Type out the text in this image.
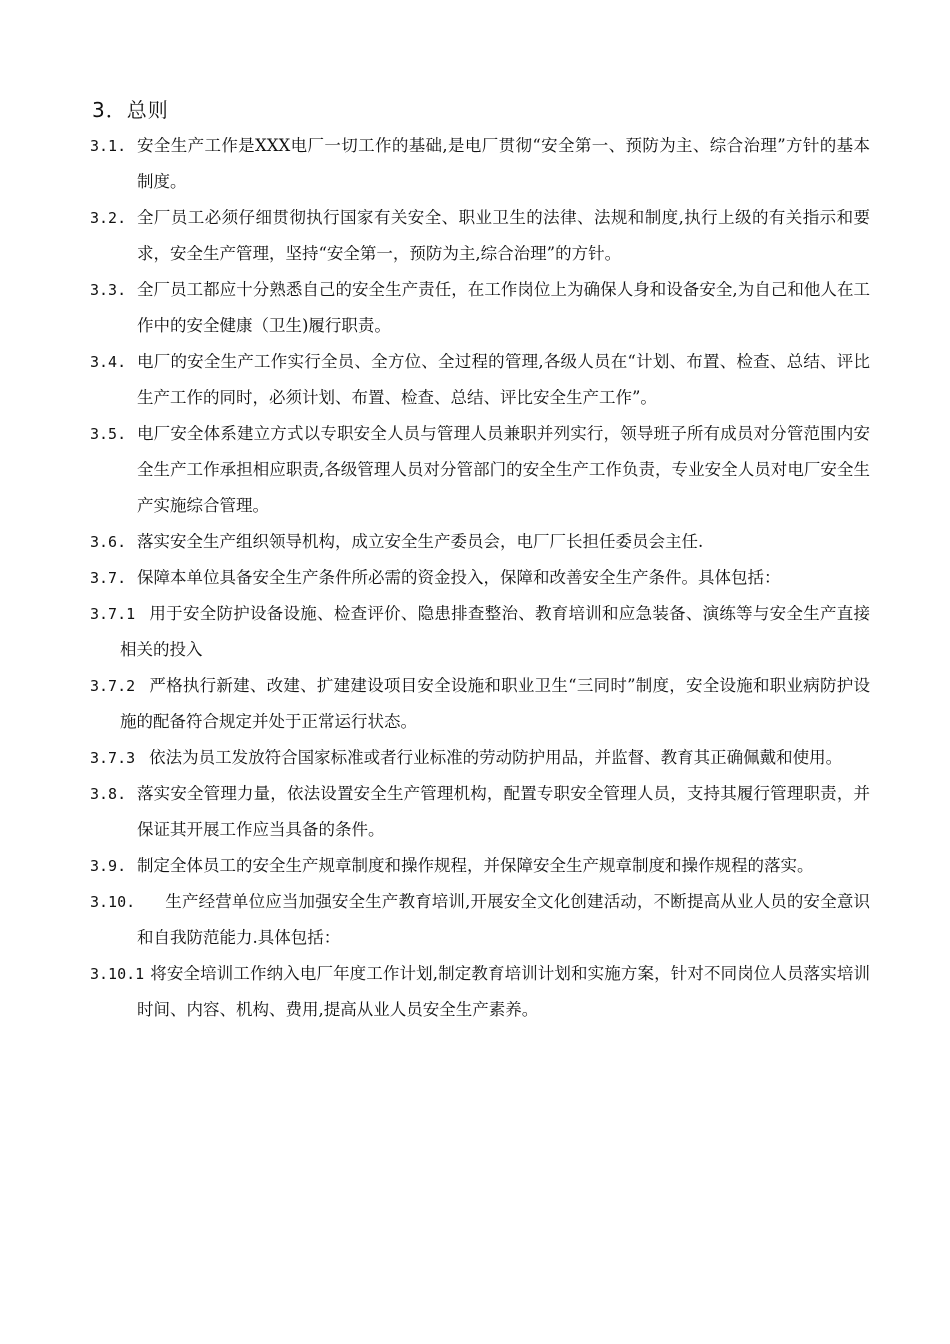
3．总则
3.1. 安全生产工作是XXX电厂一切工作的基础,是电厂贯彻“安全第一、预防为主、综合治理”方针的基本制度。
3.2. 全厂员工必须仔细贯彻执行国家有关安全、职业卫生的法律、法规和制度,执行上级的有关指示和要求，安全生产管理，坚持“安全第一，预防为主,综合治理”的方针。
3.3. 全厂员工都应十分熟悉自己的安全生产责任，在工作岗位上为确保人身和设备安全,为自己和他人在工作中的安全健康（卫生)履行职责。
3.4. 电厂的安全生产工作实行全员、全方位、全过程的管理,各级人员在“计划、布置、检查、总结、评比生产工作的同时，必须计划、布置、检查、总结、评比安全生产工作”。
3.5. 电厂安全体系建立方式以专职安全人员与管理人员兼职并列实行，领导班子所有成员对分管范围内安全生产工作承担相应职责,各级管理人员对分管部门的安全生产工作负责，专业安全人员对电厂安全生产实施综合管理。
3.6. 落实安全生产组织领导机构，成立安全生产委员会，电厂厂长担任委员会主任.
3.7. 保障本单位具备安全生产条件所必需的资金投入，保障和改善安全生产条件。具体包括：
3.7.1 用于安全防护设备设施、检查评价、隐患排查整治、教育培训和应急装备、演练等与安全生产直接相关的投入
3.7.2 严格执行新建、改建、扩建建设项目安全设施和职业卫生“三同时”制度，安全设施和职业病防护设施的配备符合规定并处于正常运行状态。
3.7.3 依法为员工发放符合国家标准或者行业标准的劳动防护用品，并监督、教育其正确佩戴和使用。
3.8. 落实安全管理力量，依法设置安全生产管理机构，配置专职安全管理人员，支持其履行管理职责，并保证其开展工作应当具备的条件。
3.9. 制定全体员工的安全生产规章制度和操作规程，并保障安全生产规章制度和操作规程的落实。
3.10. 生产经营单位应当加强安全生产教育培训,开展安全文化创建活动，不断提高从业人员的安全意识和自我防范能力.具体包括：
3.10.1 将安全培训工作纳入电厂年度工作计划,制定教育培训计划和实施方案，针对不同岗位人员落实培训时间、内容、机构、费用,提高从业人员安全生产素养。
